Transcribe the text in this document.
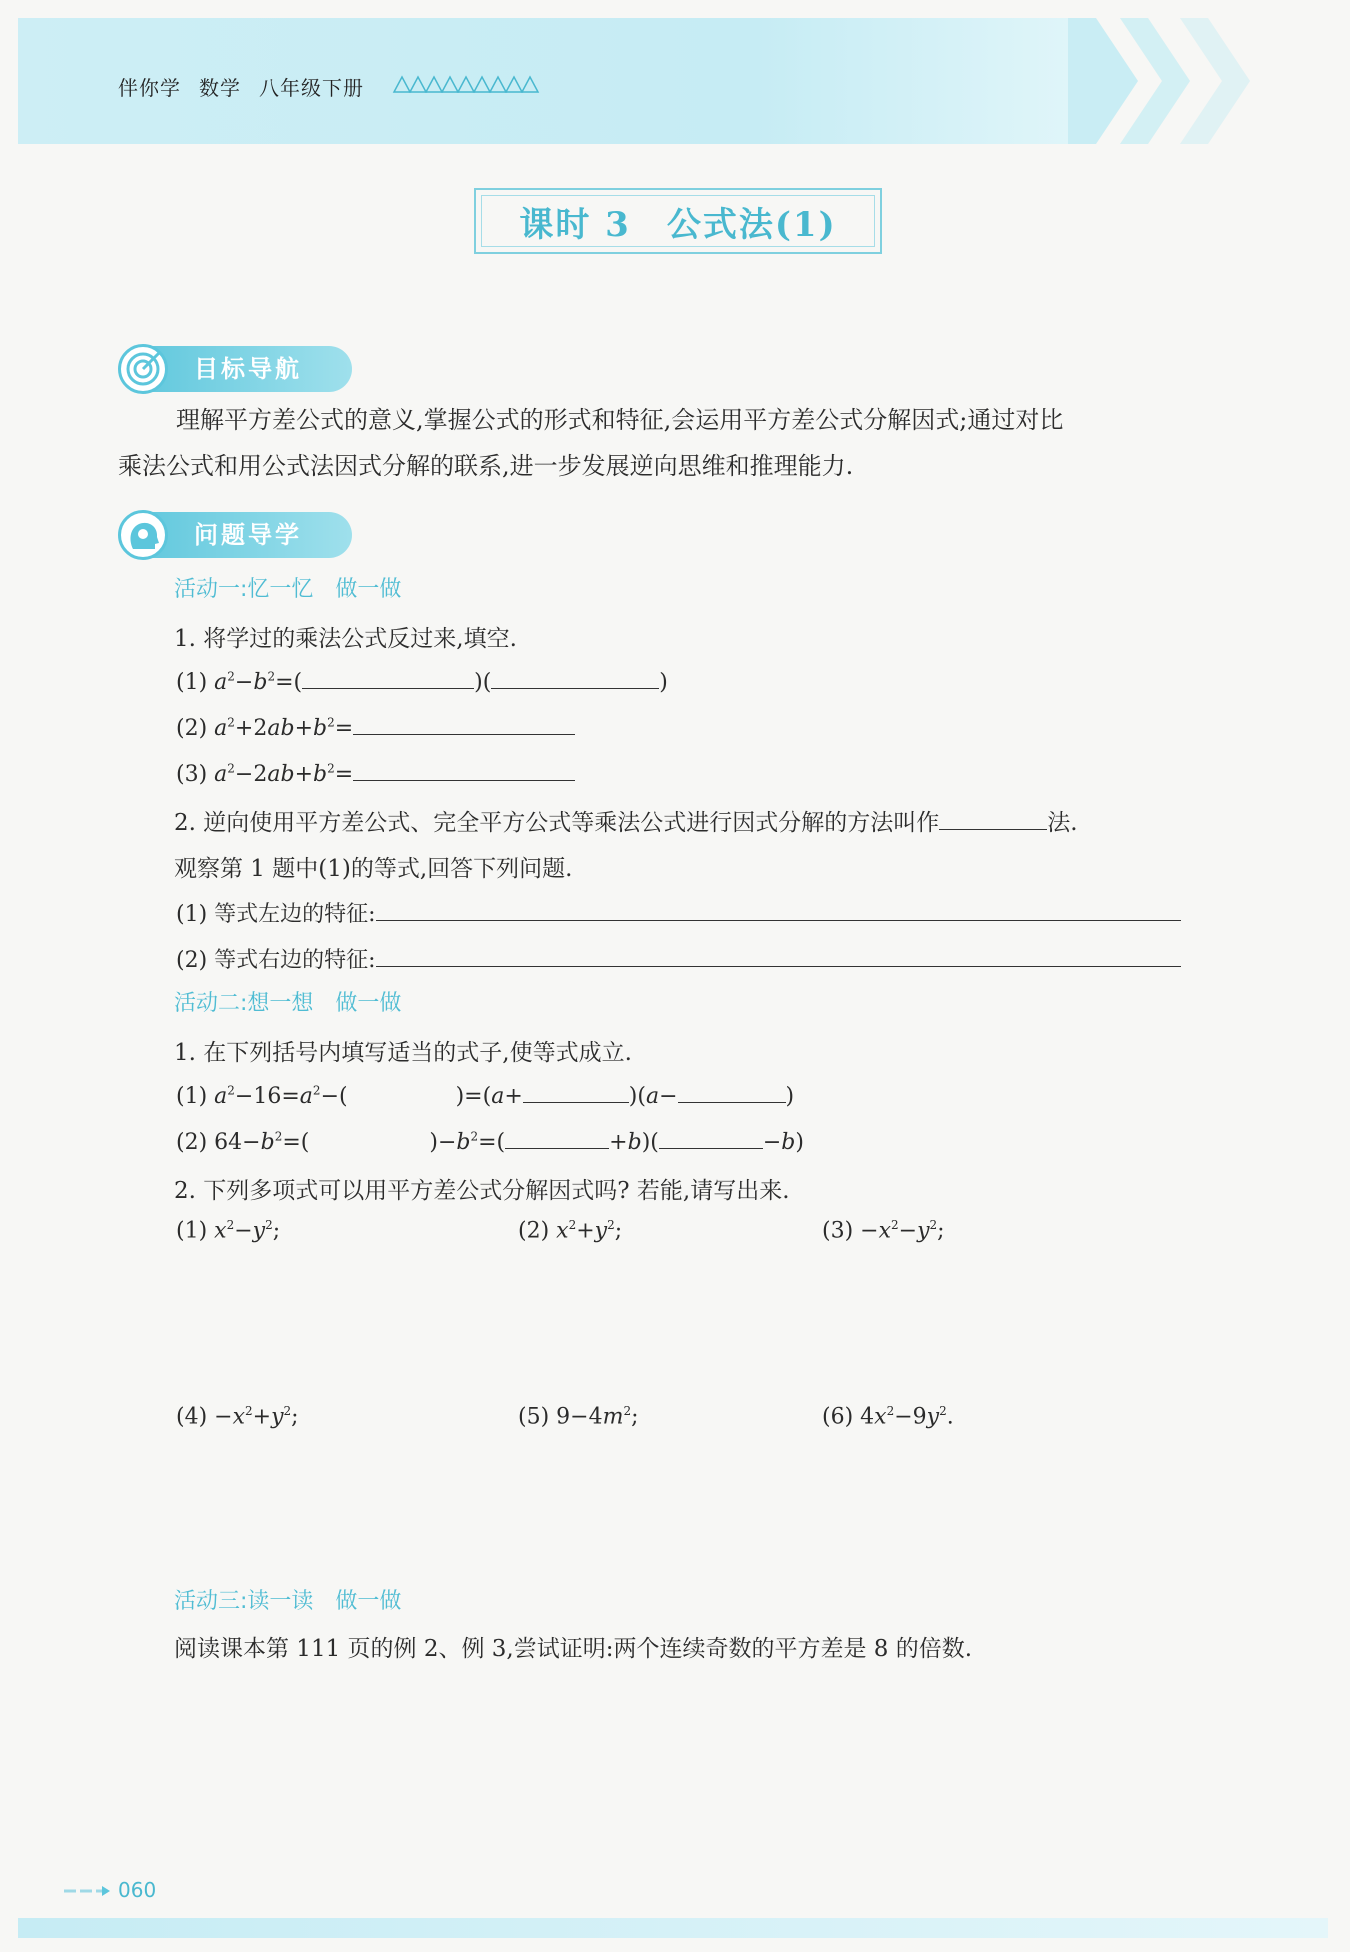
伴你学 数学 八年级下册
课时 3　公式法(1)
目标导航
理解平方差公式的意义,掌握公式的形式和特征,会运用平方差公式分解因式;通过对比
乘法公式和用公式法因式分解的联系,进一步发展逆向思维和推理能力.
问题导学
活动一:忆一忆　做一做
1. 将学过的乘法公式反过来,填空.
(1) $a^2-b^2=$(	)(	)
(2) $a^2+2ab+b^2=$
(3) $a^2-2ab+b^2=$
2. 逆向使用平方差公式、完全平方公式等乘法公式进行因式分解的方法叫作	法.
观察第 1 题中(1)的等式,回答下列问题.
(1) 等式左边的特征:
(2) 等式右边的特征:
活动二:想一想　做一做
1. 在下列括号内填写适当的式子,使等式成立.
(1) $a^2-16=a^2-$(	)=(a+	)(a−	)
(2) $64-b^2=$(	)$-b^2=$(	+b)(	−b)
2. 下列多项式可以用平方差公式分解因式吗? 若能,请写出来.
(1) $x^2-y^2$;	(2) $x^2+y^2$;	$(3) -x^2-y^2$;
$(4) -x^2+y^2$;	(5) $9-4m^2$;	(6) $4x^2-9y^2$.
活动三:读一读　做一做
阅读课本第 111 页的例 2、例 3,尝试证明:两个连续奇数的平方差是 8 的倍数.
060
